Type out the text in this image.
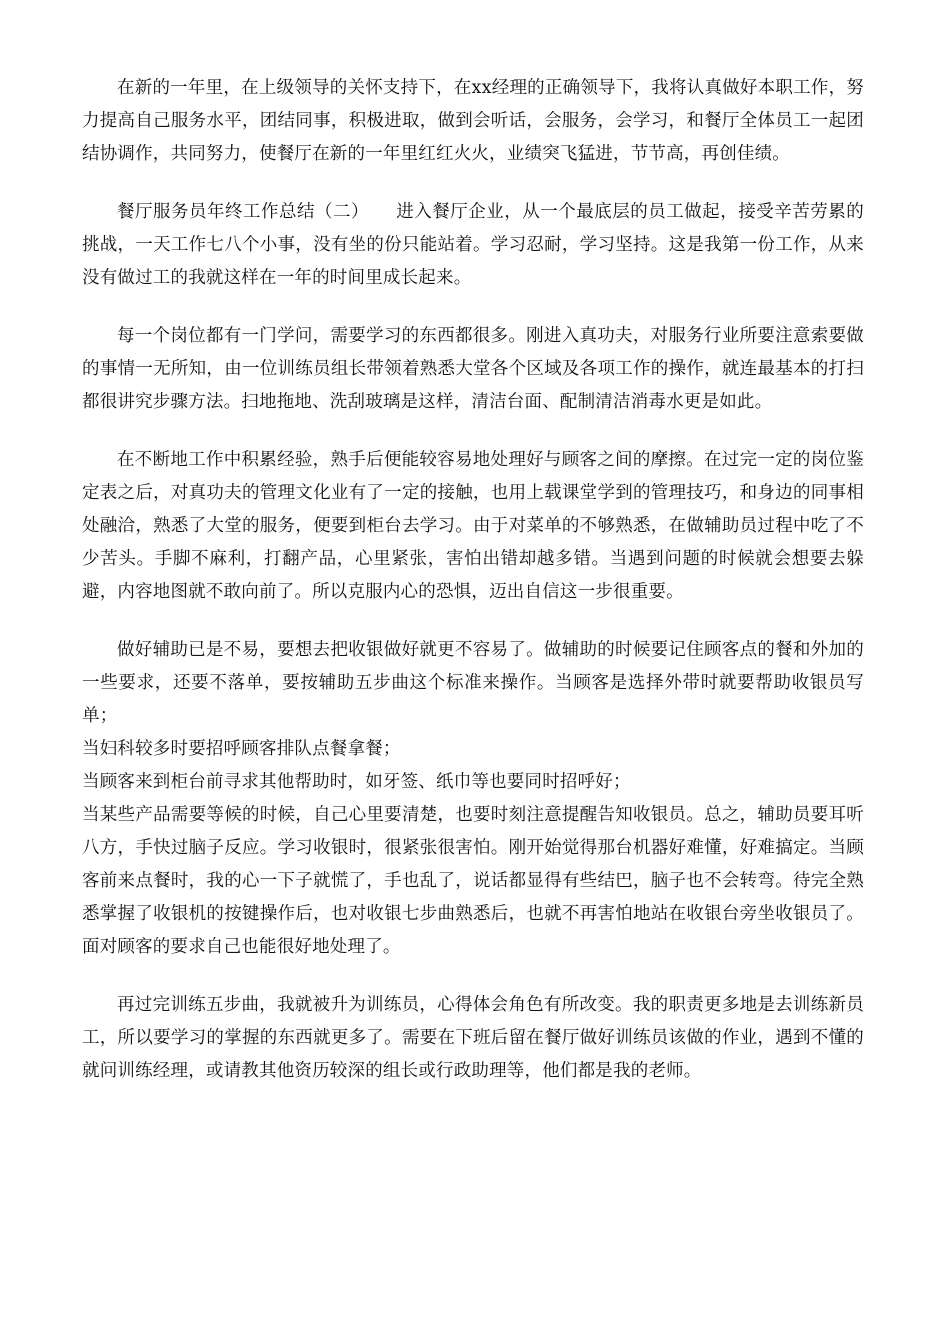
在新的一年里，在上级领导的关怀支持下，在xx经理的正确领导下，我将认真做好本职工作，努力提高自己服务水平，团结同事，积极进取，做到会听话，会服务，会学习，和餐厅全体员工一起团结协调作，共同努力，使餐厅在新的一年里红红火火，业绩突飞猛进，节节高，再创佳绩。

餐厅服务员年终工作总结（二）　　进入餐厅企业，从一个最底层的员工做起，接受辛苦劳累的挑战，一天工作七八个小事，没有坐的份只能站着。学习忍耐，学习坚持。这是我第一份工作，从来没有做过工的我就这样在一年的时间里成长起来。

每一个岗位都有一门学问，需要学习的东西都很多。刚进入真功夫，对服务行业所要注意索要做的事情一无所知，由一位训练员组长带领着熟悉大堂各个区域及各项工作的操作，就连最基本的打扫都很讲究步骤方法。扫地拖地、洗刮玻璃是这样，清洁台面、配制清洁消毒水更是如此。

在不断地工作中积累经验，熟手后便能较容易地处理好与顾客之间的摩擦。在过完一定的岗位鉴定表之后，对真功夫的管理文化业有了一定的接触，也用上载课堂学到的管理技巧，和身边的同事相处融洽，熟悉了大堂的服务，便要到柜台去学习。由于对菜单的不够熟悉，在做辅助员过程中吃了不少苦头。手脚不麻利，打翻产品，心里紧张，害怕出错却越多错。当遇到问题的时候就会想要去躲避，内容地图就不敢向前了。所以克服内心的恐惧，迈出自信这一步很重要。

做好辅助已是不易，要想去把收银做好就更不容易了。做辅助的时候要记住顾客点的餐和外加的一些要求，还要不落单，要按辅助五步曲这个标准来操作。当顾客是选择外带时就要帮助收银员写单；

当妇科较多时要招呼顾客排队点餐拿餐；

当顾客来到柜台前寻求其他帮助时，如牙签、纸巾等也要同时招呼好；

当某些产品需要等候的时候，自己心里要清楚，也要时刻注意提醒告知收银员。总之，辅助员要耳听八方，手快过脑子反应。学习收银时，很紧张很害怕。刚开始觉得那台机器好难懂，好难搞定。当顾客前来点餐时，我的心一下子就慌了，手也乱了，说话都显得有些结巴，脑子也不会转弯。待完全熟悉掌握了收银机的按键操作后，也对收银七步曲熟悉后，也就不再害怕地站在收银台旁坐收银员了。面对顾客的要求自己也能很好地处理了。

再过完训练五步曲，我就被升为训练员，心得体会角色有所改变。我的职责更多地是去训练新员工，所以要学习的掌握的东西就更多了。需要在下班后留在餐厅做好训练员该做的作业，遇到不懂的就问训练经理，或请教其他资历较深的组长或行政助理等，他们都是我的老师。
